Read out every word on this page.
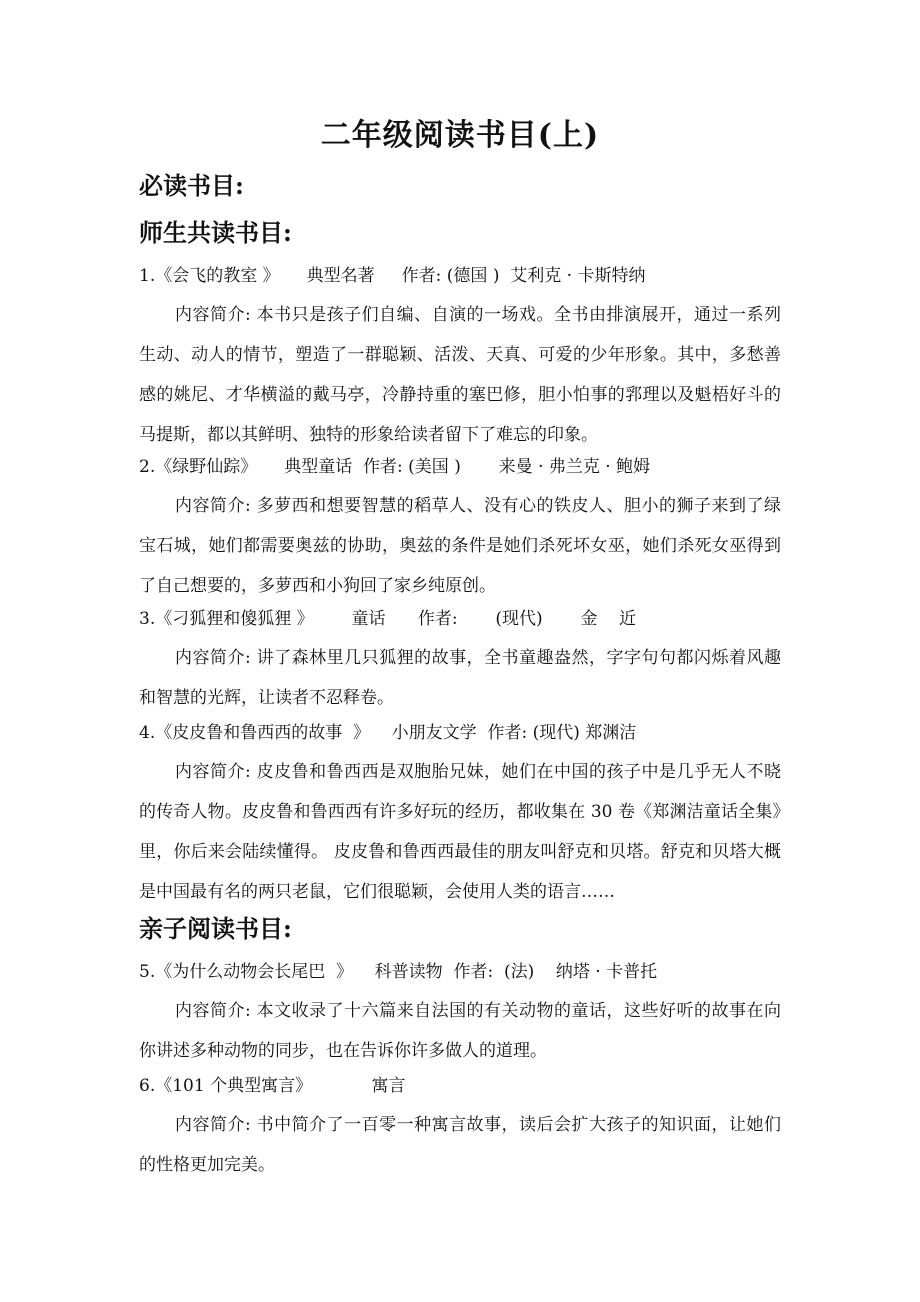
二年级阅读书目(上)
必读书目:
师生共读书目:
1.《会飞的教室 》     典型名著     作者: (德国 )  艾利克 · 卡斯特纳
内容简介: 本书只是孩子们自编、自演的一场戏。全书由排演展开，通过一系列生动、动人的情节，塑造了一群聪颖、活泼、天真、可爱的少年形象。其中，多愁善感的姚尼、才华横溢的戴马亭，冷静持重的塞巴修，胆小怕事的郛理以及魁梧好斗的马提斯，都以其鲜明、独特的形象给读者留下了难忘的印象。
2.《绿野仙踪》     典型童话  作者: (美国 )       来曼 · 弗兰克 · 鲍姆
内容简介: 多萝西和想要智慧的稻草人、没有心的铁皮人、胆小的狮子来到了绿宝石城，她们都需要奥兹的协助，奥兹的条件是她们杀死坏女巫，她们杀死女巫得到了自己想要的，多萝西和小狗回了家乡纯原创。
3.《刁狐狸和傻狐狸 》       童话      作者:       (现代)       金    近
内容简介: 讲了森林里几只狐狸的故事，全书童趣盎然，字字句句都闪烁着风趣和智慧的光辉，让读者不忍释卷。
4.《皮皮鲁和鲁西西的故事  》    小朋友文学  作者: (现代) 郑渊洁
内容简介: 皮皮鲁和鲁西西是双胞胎兄妹，她们在中国的孩子中是几乎无人不晓的传奇人物。皮皮鲁和鲁西西有许多好玩的经历，都收集在 30 卷《郑渊洁童话全集》里，你后来会陆续懂得。 皮皮鲁和鲁西西最佳的朋友叫舒克和贝塔。舒克和贝塔大概是中国最有名的两只老鼠，它们很聪颖，会使用人类的语言……
亲子阅读书目:
5.《为什么动物会长尾巴  》    科普读物  作者:  (法)    纳塔 · 卡普托
内容简介: 本文收录了十六篇来自法国的有关动物的童话，这些好听的故事在向你讲述多种动物的同步，也在告诉你许多做人的道理。
6.《101 个典型寓言》           寓言
内容简介: 书中简介了一百零一种寓言故事，读后会扩大孩子的知识面，让她们的性格更加完美。
